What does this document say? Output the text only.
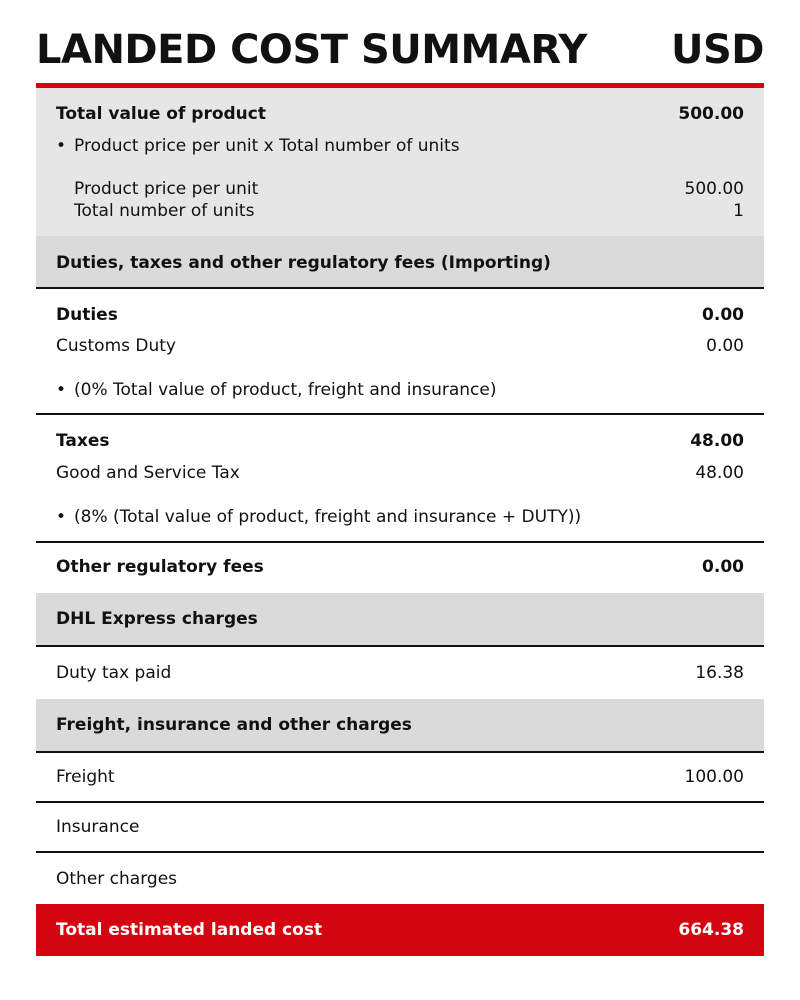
LANDED COST SUMMARY USD
Total value of product	500.00
• Product price per unit x Total number of units
Product price per unit	500.00
Total number of units	1
Duties, taxes and other regulatory fees (Importing)
Duties	0.00
Customs Duty	0.00
• (0% Total value of product, freight and insurance)
Taxes	48.00
Good and Service Tax	48.00
• (8% (Total value of product, freight and insurance + DUTY))
Other regulatory fees	0.00
DHL Express charges
Duty tax paid	16.38
Freight, insurance and other charges
Freight	100.00
Insurance
Other charges
Total estimated landed cost	664.38
